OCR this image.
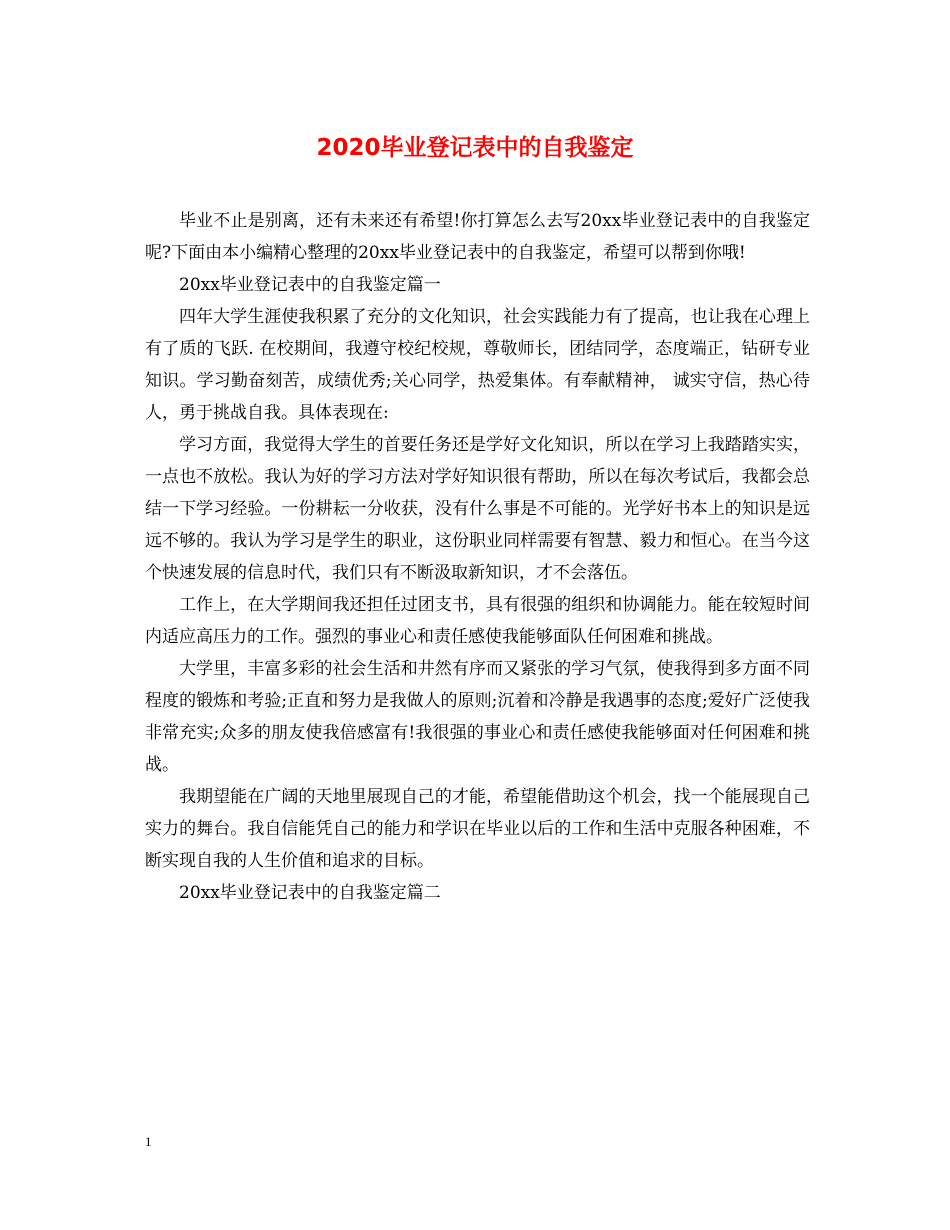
2020毕业登记表中的自我鉴定

毕业不止是别离，还有未来还有希望!你打算怎么去写20xx毕业登记表中的自我鉴定呢?下面由本小编精心整理的20xx毕业登记表中的自我鉴定，希望可以帮到你哦!

20xx毕业登记表中的自我鉴定篇一

四年大学生涯使我积累了充分的文化知识，社会实践能力有了提高，也让我在心理上有了质的飞跃. 在校期间，我遵守校纪校规，尊敬师长，团结同学，态度端正，钻研专业知识。学习勤奋刻苦，成绩优秀;关心同学，热爱集体。有奉献精神， 诚实守信，热心待人，勇于挑战自我。具体表现在:

学习方面，我觉得大学生的首要任务还是学好文化知识，所以在学习上我踏踏实实，一点也不放松。我认为好的学习方法对学好知识很有帮助，所以在每次考试后，我都会总结一下学习经验。一份耕耘一分收获，没有什么事是不可能的。光学好书本上的知识是远远不够的。我认为学习是学生的职业，这份职业同样需要有智慧、毅力和恒心。在当今这个快速发展的信息时代，我们只有不断汲取新知识，才不会落伍。

工作上，在大学期间我还担任过团支书，具有很强的组织和协调能力。能在较短时间内适应高压力的工作。强烈的事业心和责任感使我能够面队任何困难和挑战。

大学里，丰富多彩的社会生活和井然有序而又紧张的学习气氛，使我得到多方面不同程度的锻炼和考验;正直和努力是我做人的原则;沉着和冷静是我遇事的态度;爱好广泛使我非常充实;众多的朋友使我倍感富有!我很强的事业心和责任感使我能够面对任何困难和挑战。

我期望能在广阔的天地里展现自己的才能，希望能借助这个机会，找一个能展现自己实力的舞台。我自信能凭自己的能力和学识在毕业以后的工作和生活中克服各种困难，不断实现自我的人生价值和追求的目标。

20xx毕业登记表中的自我鉴定篇二

1
